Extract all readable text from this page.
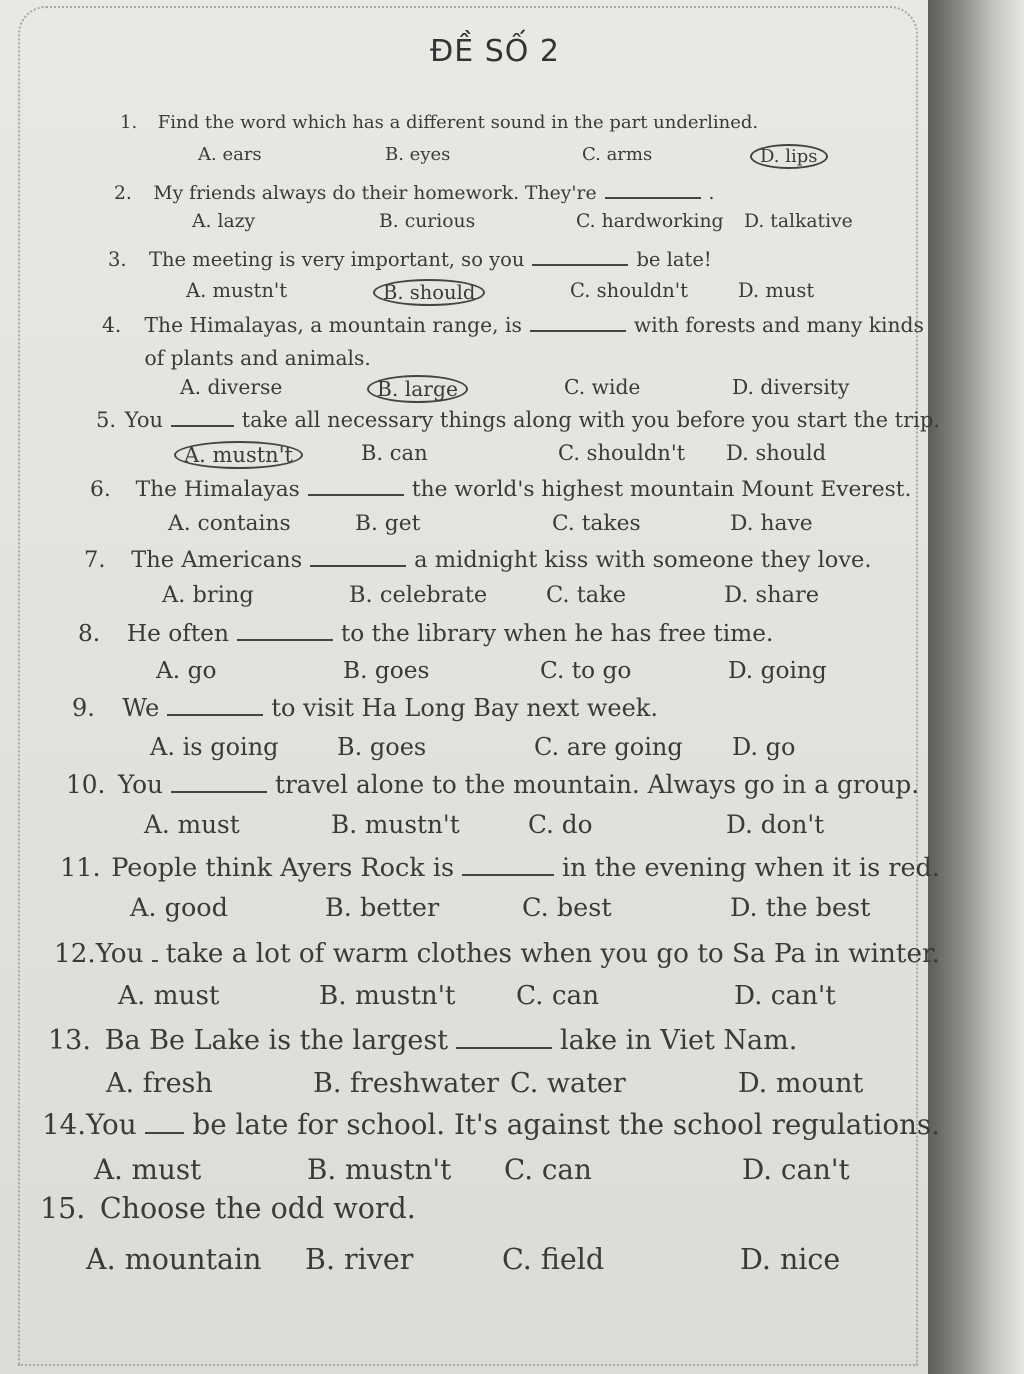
ĐỀ SỐ 2
1.	Find the word which has a different sound in the part underlined.
A. ears	B. eyes	C. arms	D. lips
2.	My friends always do their homework. They're	.
A. lazy	B. curious	C. hardworking D. talkative
3.	The meeting is very important, so you	be late!
A. mustn't	B. should	C. shouldn't	D. must
4.	The Himalayas, a mountain range, is	with forests and many kinds
of plants and animals.
A. diverse	B. large	C. wide	D. diversity
5. You	take all necessary things along with you before you start the trip.
A. mustn't	B. can	C. shouldn't D. should
6.	The Himalayas	the world's highest mountain Mount Everest.
A. contains	B. get	C. takes	D. have
7.	The Americans	a midnight kiss with someone they love.
A. bring	B. celebrate	C. take	D. share
8.	He often	to the library when he has free time.
A. go	B. goes	C. to go	D. going
9.	We	to visit Ha Long Bay next week.
A. is going B. goes	C. are going D. go
10. You	travel alone to the mountain. Always go in a group.
A. must	B. mustn't	C. do	D. don't
11. People think Ayers Rock is	in the evening when it is red.
A. good	B. better	C. best	D. the best
12. You take a lot of warm clothes when you go to Sa Pa in winter.
A. must	B. mustn't C. can	D. can't
13. Ba Be Lake is the largest	lake in Viet Nam.
A. fresh	B. freshwater C. water	D. mount
14. You be late for school. It's against the school regulations.
A. must	B. mustn't C. can	D. can't
15. Choose the odd word.
A. mountain B. river	C. field	D. nice
